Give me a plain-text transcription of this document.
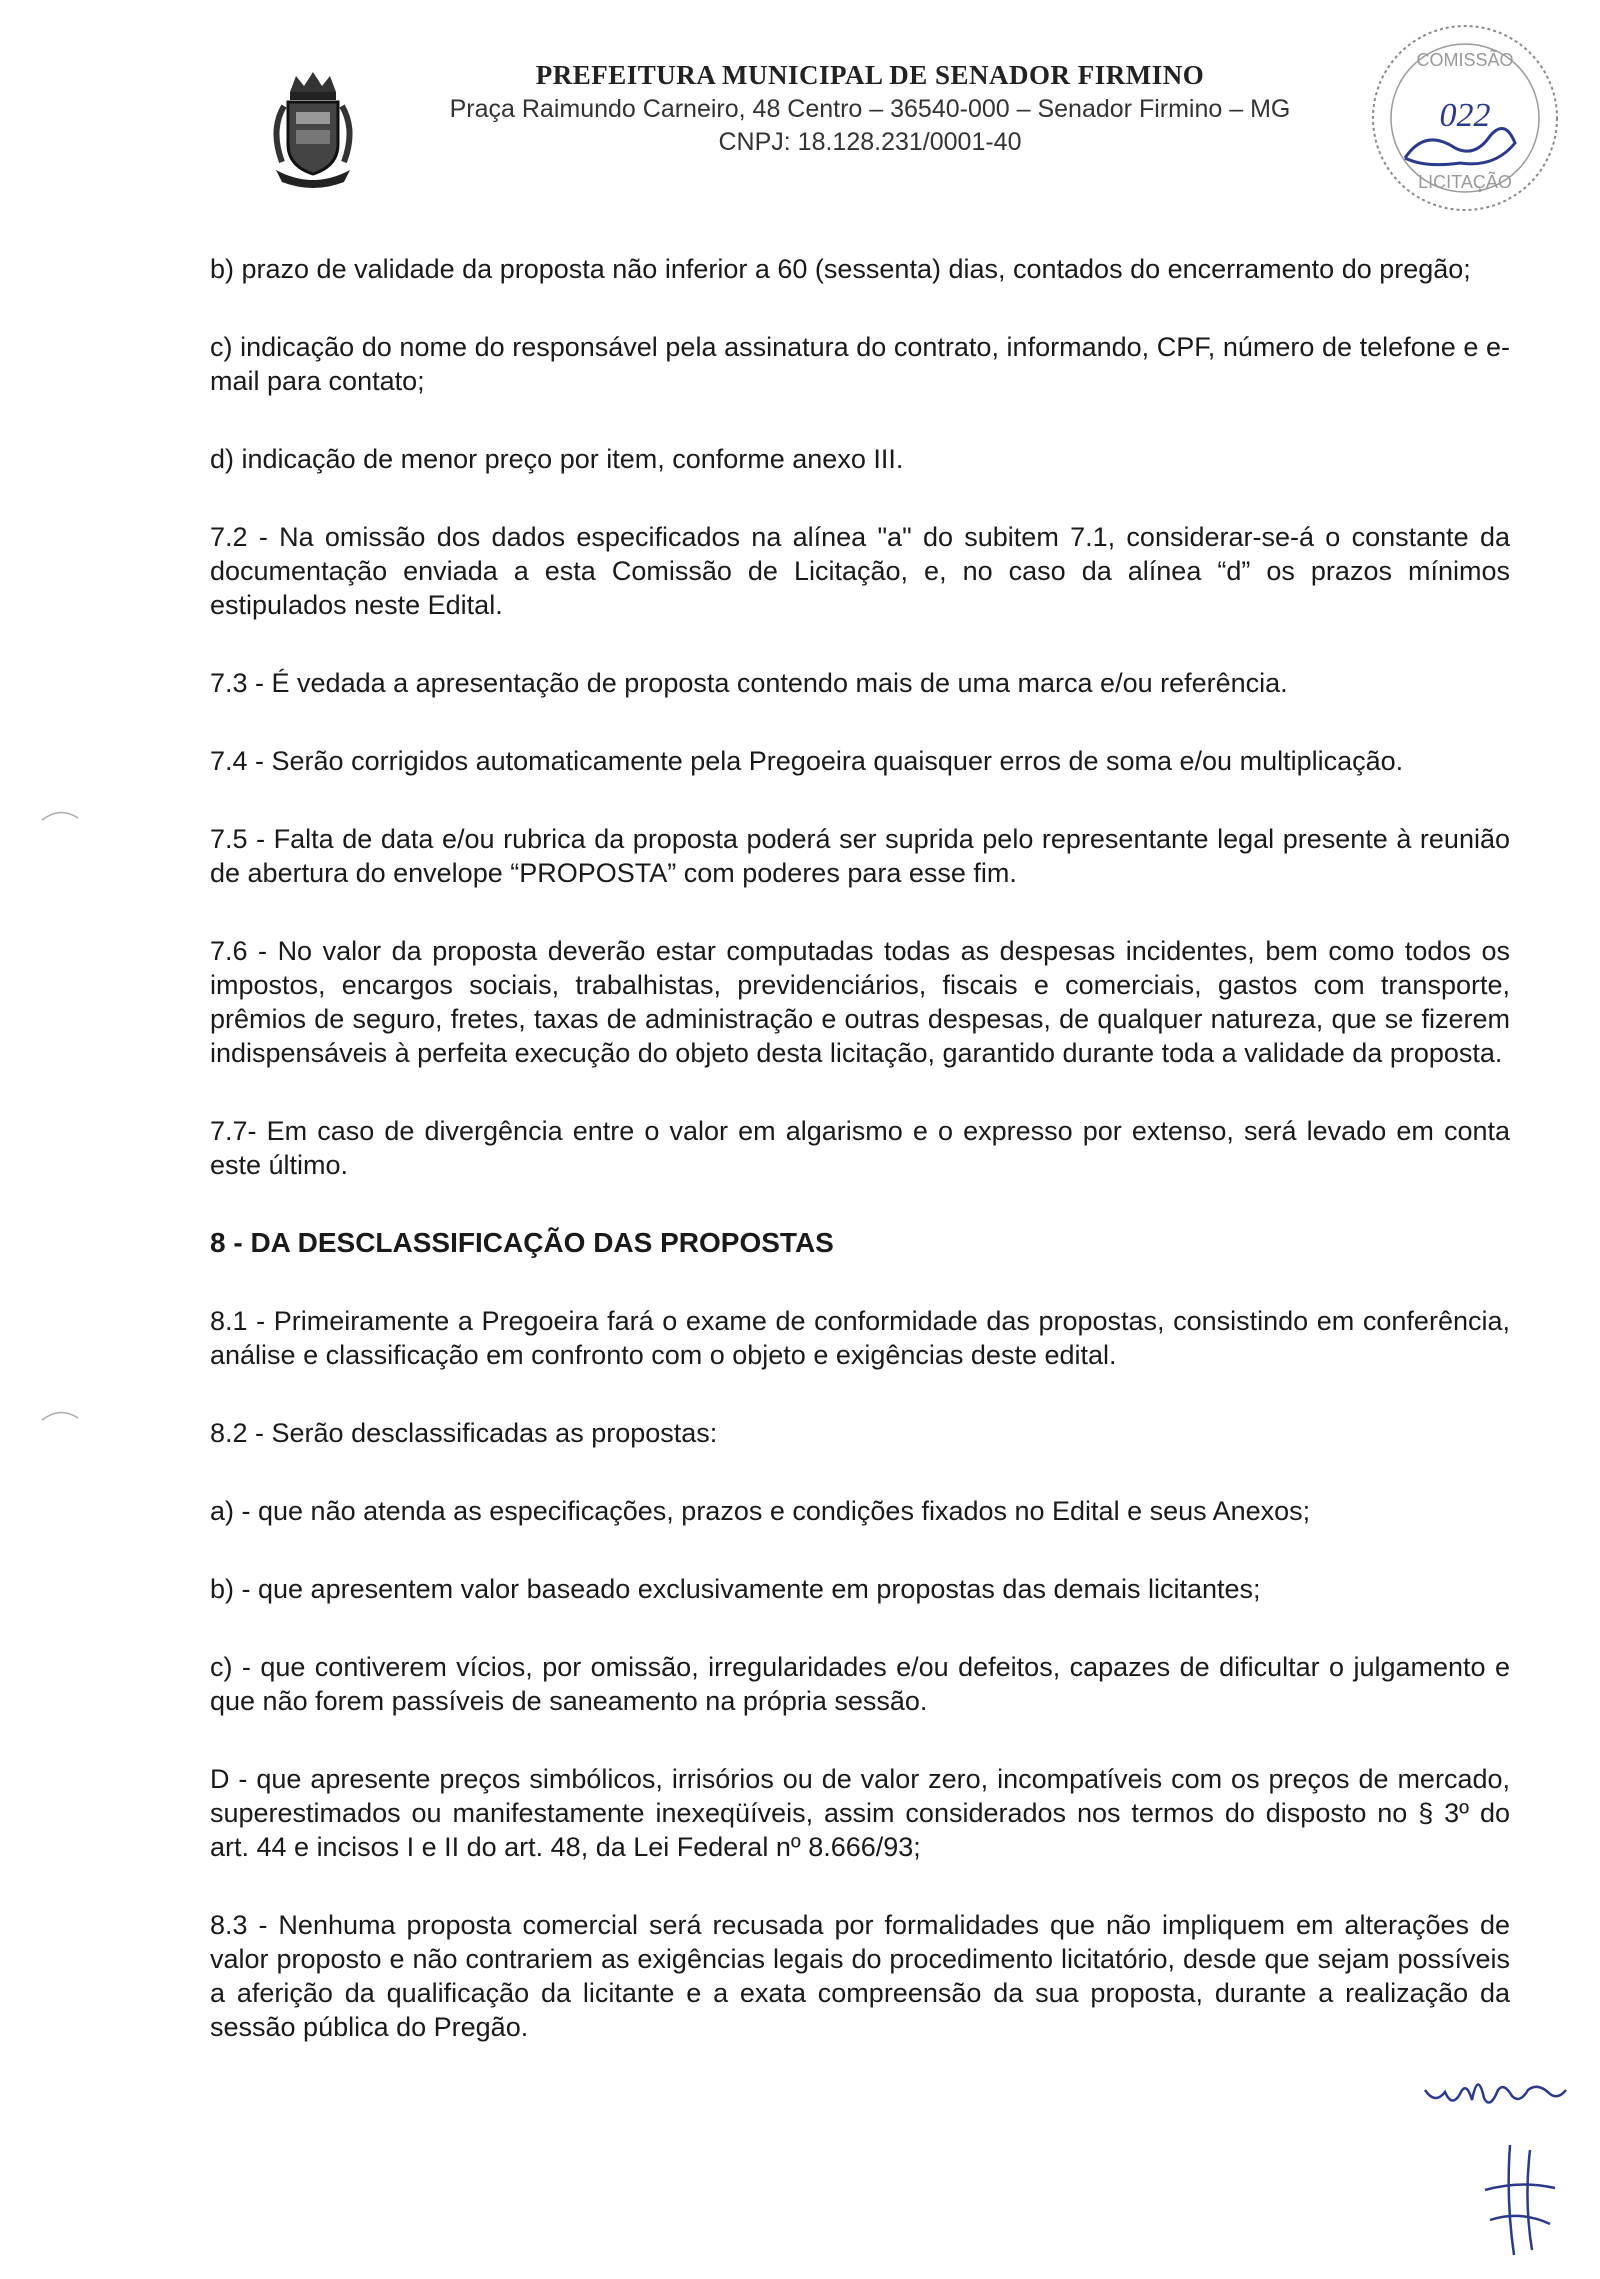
PREFEITURA MUNICIPAL DE SENADOR FIRMINO
Praça Raimundo Carneiro, 48 Centro – 36540-000 – Senador Firmino – MG
CNPJ: 18.128.231/0001-40
COMISSÃO
LICITAÇÃO
022

b) prazo de validade da proposta não inferior a 60 (sessenta) dias, contados do encerramento do pregão;

c) indicação do nome do responsável pela assinatura do contrato, informando, CPF, número de telefone e e-mail para contato;

d) indicação de menor preço por item, conforme anexo III.

7.2 - Na omissão dos dados especificados na alínea "a" do subitem 7.1, considerar-se-á o constante da documentação enviada a esta Comissão de Licitação, e, no caso da alínea “d” os prazos mínimos estipulados neste Edital.

7.3 - É vedada a apresentação de proposta contendo mais de uma marca e/ou referência.

7.4 - Serão corrigidos automaticamente pela Pregoeira quaisquer erros de soma e/ou multiplicação.

7.5 - Falta de data e/ou rubrica da proposta poderá ser suprida pelo representante legal presente à reunião de abertura do envelope “PROPOSTA” com poderes para esse fim.

7.6 - No valor da proposta deverão estar computadas todas as despesas incidentes, bem como todos os impostos, encargos sociais, trabalhistas, previdenciários, fiscais e comerciais, gastos com transporte, prêmios de seguro, fretes, taxas de administração e outras despesas, de qualquer natureza, que se fizerem indispensáveis à perfeita execução do objeto desta licitação, garantido durante toda a validade da proposta.

7.7- Em caso de divergência entre o valor em algarismo e o expresso por extenso, será levado em conta este último.

8 - DA DESCLASSIFICAÇÃO DAS PROPOSTAS

8.1 - Primeiramente a Pregoeira fará o exame de conformidade das propostas, consistindo em conferência, análise e classificação em confronto com o objeto e exigências deste edital.

8.2 - Serão desclassificadas as propostas:

a) - que não atenda as especificações, prazos e condições fixados no Edital e seus Anexos;

b) - que apresentem valor baseado exclusivamente em propostas das demais licitantes;

c) - que contiverem vícios, por omissão, irregularidades e/ou defeitos, capazes de dificultar o julgamento e que não forem passíveis de saneamento na própria sessão.

D - que apresente preços simbólicos, irrisórios ou de valor zero, incompatíveis com os preços de mercado, superestimados ou manifestamente inexeqüíveis, assim considerados nos termos do disposto no § 3º do art. 44 e incisos I e II do art. 48, da Lei Federal nº 8.666/93;

8.3 - Nenhuma proposta comercial será recusada por formalidades que não impliquem em alterações de valor proposto e não contrariem as exigências legais do procedimento licitatório, desde que sejam possíveis a aferição da qualificação da licitante e a exata compreensão da sua proposta, durante a realização da sessão pública do Pregão.
